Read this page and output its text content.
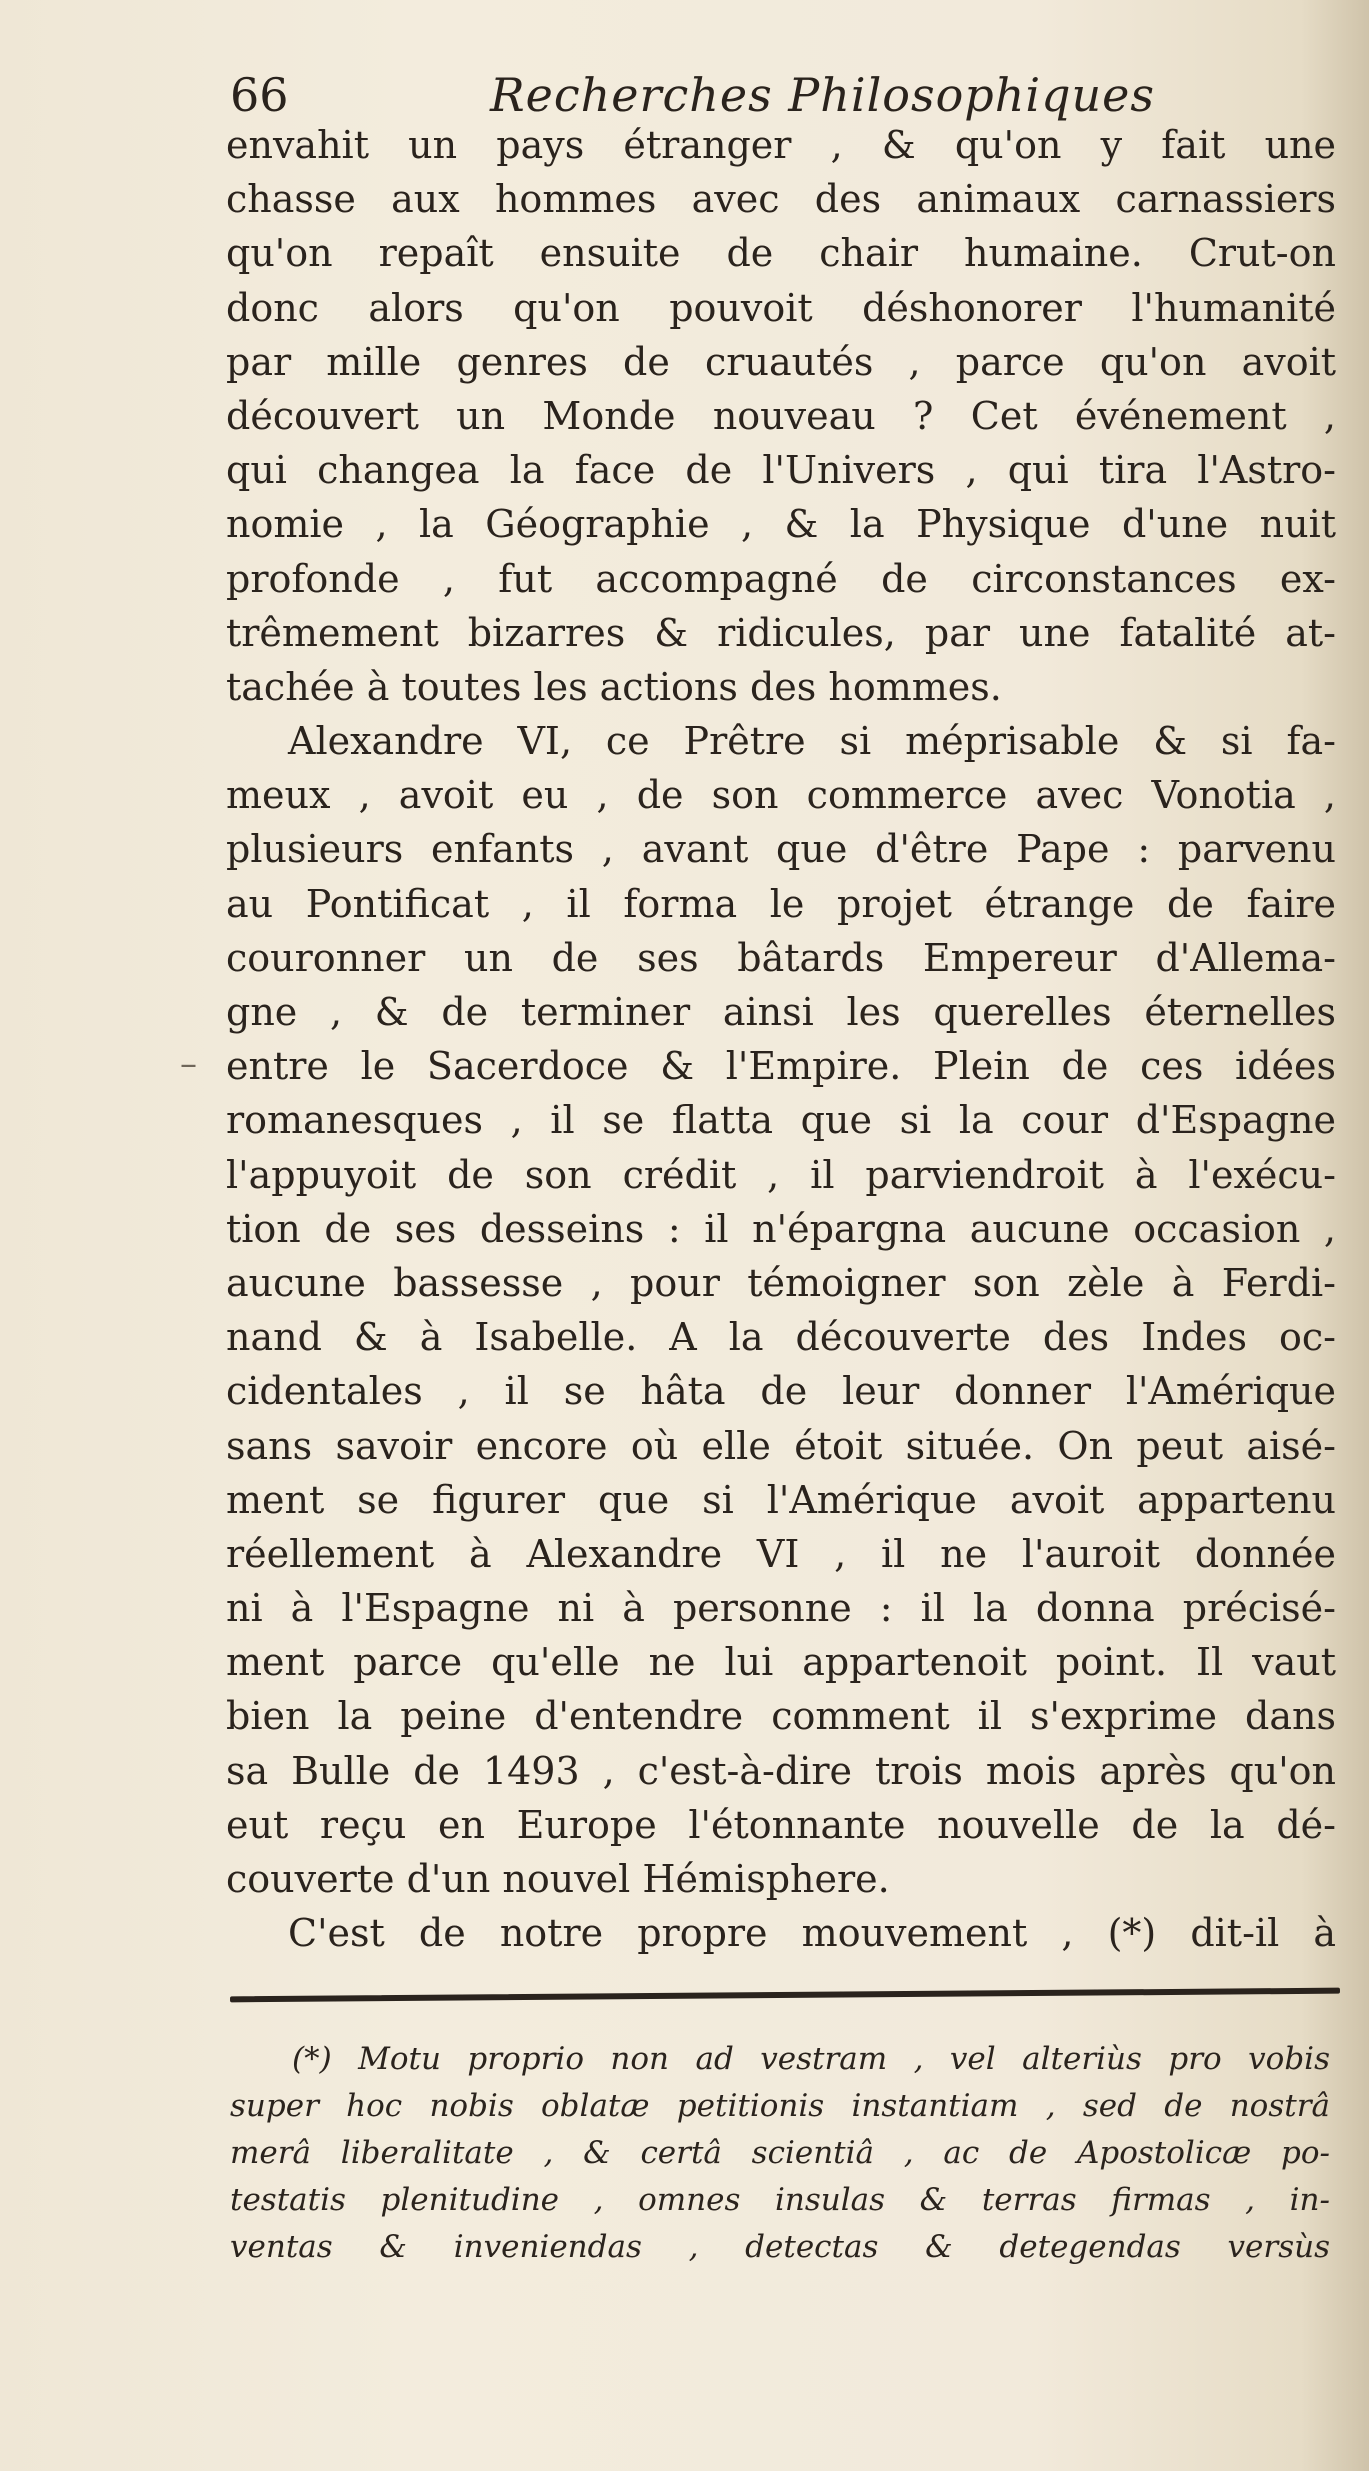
66	Recherches Philosophiques
–
envahit un pays étranger , & qu'on y fait une
chasse aux hommes avec des animaux carnassiers
qu'on repaît ensuite de chair humaine. Crut-on
donc alors qu'on pouvoit déshonorer l'humanité
par mille genres de cruautés , parce qu'on avoit
découvert un Monde nouveau ? Cet événement ,
qui changea la face de l'Univers , qui tira l'Astro-
nomie , la Géographie , & la Physique d'une nuit
profonde , fut accompagné de circonstances ex-
trêmement bizarres & ridicules, par une fatalité at-
tachée à toutes les actions des hommes.
Alexandre VI, ce Prêtre si méprisable & si fa-
meux , avoit eu , de son commerce avec Vonotia ,
plusieurs enfants , avant que d'être Pape : parvenu
au Pontificat , il forma le projet étrange de faire
couronner un de ses bâtards Empereur d'Allema-
gne , & de terminer ainsi les querelles éternelles
entre le Sacerdoce & l'Empire. Plein de ces idées
romanesques , il se flatta que si la cour d'Espagne
l'appuyoit de son crédit , il parviendroit à l'exécu-
tion de ses desseins : il n'épargna aucune occasion ,
aucune bassesse , pour témoigner son zèle à Ferdi-
nand & à Isabelle. A la découverte des Indes oc-
cidentales , il se hâta de leur donner l'Amérique
sans savoir encore où elle étoit située. On peut aisé-
ment se figurer que si l'Amérique avoit appartenu
réellement à Alexandre VI , il ne l'auroit donnée
ni à l'Espagne ni à personne : il la donna précisé-
ment parce qu'elle ne lui appartenoit point. Il vaut
bien la peine d'entendre comment il s'exprime dans
sa Bulle de 1493 , c'est-à-dire trois mois après qu'on
eut reçu en Europe l'étonnante nouvelle de la dé-
couverte d'un nouvel Hémisphere.
C'est de notre propre mouvement , (*) dit-il à
(*) Motu proprio non ad vestram , vel alteriùs pro vobis
super hoc nobis oblatæ petitionis instantiam , sed de nostrâ
merâ liberalitate , & certâ scientiâ , ac de Apostolicæ po-
testatis plenitudine , omnes insulas & terras firmas , in-
ventas & inveniendas , detectas & detegendas versùs
